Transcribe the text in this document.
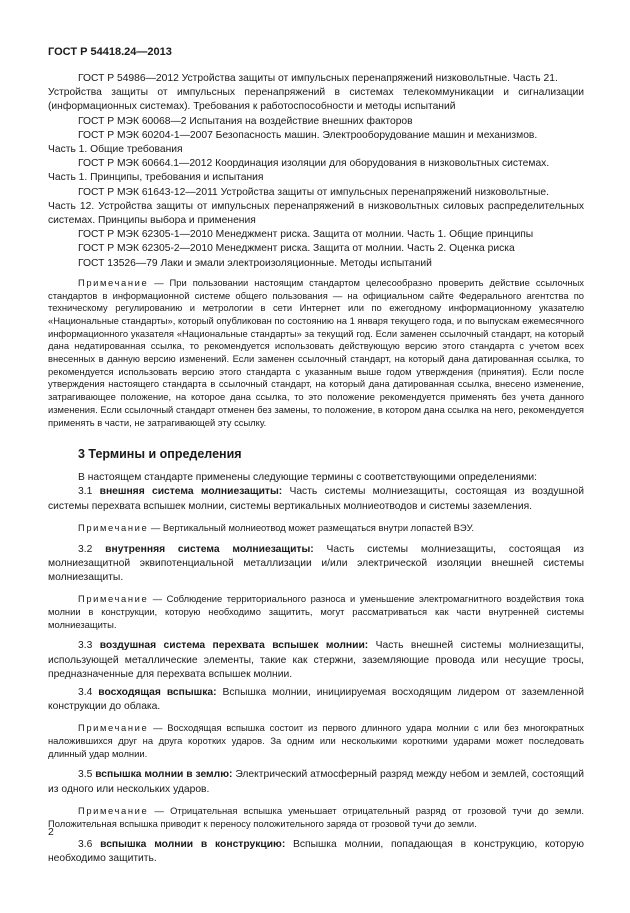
ГОСТ Р 54418.24—2013

ГОСТ Р 54986—2012 Устройства защиты от импульсных перенапряжений низковольтные. Часть 21.
Устройства защиты от импульсных перенапряжений в системах телекоммуникации и сигнализации (информационных системах). Требования к работоспособности и методы испытаний

ГОСТ Р МЭК 60068—2 Испытания на воздействие внешних факторов

ГОСТ Р МЭК 60204-1—2007 Безопасность машин. Электрооборудование машин и механизмов.
Часть 1. Общие требования

ГОСТ Р МЭК 60664.1—2012 Координация изоляции для оборудования в низковольтных системах.
Часть 1. Принципы, требования и испытания

ГОСТ Р МЭК 61643-12—2011 Устройства защиты от импульсных перенапряжений низковольтные.
Часть 12. Устройства защиты от импульсных перенапряжений в низковольтных силовых распределительных системах. Принципы выбора и применения

ГОСТ Р МЭК 62305-1—2010 Менеджмент риска. Защита от молнии. Часть 1. Общие принципы

ГОСТ Р МЭК 62305-2—2010 Менеджмент риска. Защита от молнии. Часть 2. Оценка риска

ГОСТ 13526—79 Лаки и эмали электроизоляционные. Методы испытаний

Примечание — При пользовании настоящим стандартом целесообразно проверить действие ссылочных стандартов в информационной системе общего пользования — на официальном сайте Федерального агентства по техническому регулированию и метрологии в сети Интернет или по ежегодному информационному указателю «Национальные стандарты», который опубликован по состоянию на 1 января текущего года, и по выпускам ежемесячного информационного указателя «Национальные стандарты» за текущий год. Если заменен ссылочный стандарт, на который дана недатированная ссылка, то рекомендуется использовать действующую версию этого стандарта с учетом всех внесенных в данную версию изменений. Если заменен ссылочный стандарт, на который дана датированная ссылка, то рекомендуется использовать версию этого стандарта с указанным выше годом утверждения (принятия). Если после утверждения настоящего стандарта в ссылочный стандарт, на который дана датированная ссылка, внесено изменение, затрагивающее положение, на которое дана ссылка, то это положение рекомендуется применять без учета данного изменения. Если ссылочный стандарт отменен без замены, то положение, в котором дана ссылка на него, рекомендуется применять в части, не затрагивающей эту ссылку.

3 Термины и определения

В настоящем стандарте применены следующие термины с соответствующими определениями:

3.1 внешняя система молниезащиты: Часть системы молниезащиты, состоящая из воздушной системы перехвата вспышек молнии, системы вертикальных молниеотводов и системы заземления.

Примечание — Вертикальный молниеотвод может размещаться внутри лопастей ВЭУ.

3.2 внутренняя система молниезащиты: Часть системы молниезащиты, состоящая из молниезащитной эквипотенциальной металлизации и/или электрической изоляции внешней системы молниезащиты.

Примечание — Соблюдение территориального разноса и уменьшение электромагнитного воздействия тока молнии в конструкции, которую необходимо защитить, могут рассматриваться как части внутренней системы молниезащиты.

3.3 воздушная система перехвата вспышек молнии: Часть внешней системы молниезащиты, использующей металлические элементы, такие как стержни, заземляющие провода или несущие тросы, предназначенные для перехвата вспышек молнии.

3.4 восходящая вспышка: Вспышка молнии, инициируемая восходящим лидером от заземленной конструкции до облака.

Примечание — Восходящая вспышка состоит из первого длинного удара молнии с или без многократных наложившихся друг на друга коротких ударов. За одним или несколькими короткими ударами может последовать длинный удар молнии.

3.5 вспышка молнии в землю: Электрический атмосферный разряд между небом и землей, состоящий из одного или нескольких ударов.

Примечание — Отрицательная вспышка уменьшает отрицательный разряд от грозовой тучи до земли. Положительная вспышка приводит к переносу положительного заряда от грозовой тучи до земли.

3.6 вспышка молнии в конструкцию: Вспышка молнии, попадающая в конструкцию, которую необходимо защитить.

2
